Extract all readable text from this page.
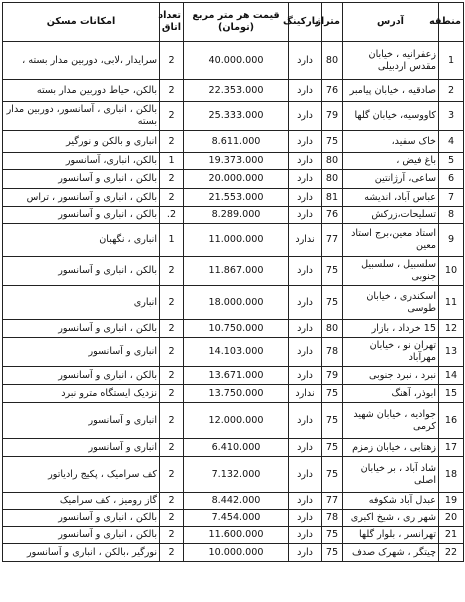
منطقه	آدرس	متراژ	پارکینگ	قیمت هر متر مربع (تومان)	تعداد اتاق	امکانات مسکن
1	زعفرانیه ، خیابان مقدس اردبیلی	80	دارد	40.000.000	2	سرایدار ،لابی، دوربین مدار بسته ،
2	صادقیه ، خیابان پیامبر	76	دارد	22.353.000	2	بالکن، حیاط دوربین مدار بسته
3	کاووسیه، خیابان گلها	79	دارد	25.333.000	2	بالکن ، انباری ، آسانسور، دوربین مدار بسته
4	خاک سفید،	75	دارد	8.611.000	2	انباری و بالکن و نورگیر
5	باغ فیض ،	80	دارد	19.373.000	1	بالکن، انباری، آسانسور
6	ساعی، آرژانتین	80	دارد	20.000.000	2	بالکن ، انباری و آسانسور
7	عباس آباد، اندیشه	81	دارد	21.553.000	2	بالکن ، انباری و آسانسور ، تراس
8	تسلیحات،زرکش	76	دارد	8.289.000	2.	بالکن ، انباری و آسانسور
9	استاد معین،برج استاد معین	77	ندارد	11.000.000	1	انباری ، نگهبان
10	سلسبیل ، سلسبیل جنوبی	75	دارد	11.867.000	2	بالکن ، انباری و آسانسور
11	اسکندری ، خیابان طوسی	75	دارد	18.000.000	2	انباری
12	15 خرداد ، بازار	80	دارد	10.750.000	2	بالکن ، انباری و آسانسور
13	تهران نو ، خیابان مهرآباد	78	دارد	14.103.000	2	انباری و آسانسور
14	نبرد ، نبرد جنوبی	79	دارد	13.671.000	2	بالکن ، انباری و آسانسور
15	ابوذر، آهنگ	75	ندارد	13.750.000	2	نزدیک ایستگاه مترو نبرد
16	جوادیه ، خیابان شهید کرمی	75	دارد	12.000.000	2	انباری و آسانسور
17	زهتابی ، خیابان زمزم	75	دارد	6.410.000	2	انباری و آسانسور
18	شاد آباد ، بر خیابان اصلی	75	دارد	7.132.000	2	کف سرامیک ، پکیج رادیاتور
19	عبدل آباد شکوفه	77	دارد	8.442.000	2	گاز رومیز ، کف سرامیک
20	شهر ری ، شیخ اکبری	78	دارد	7.454.000	2	بالکن ، انباری و آسانسور
21	تهرانسر ، بلوار گلها	75	دارد	11.600.000	2	بالکن ، انباری و آسانسور
22	چیتگر ، شهرک صدف	75	دارد	10.000.000	2	نورگیر ،بالکن ، انباری و آسانسور
